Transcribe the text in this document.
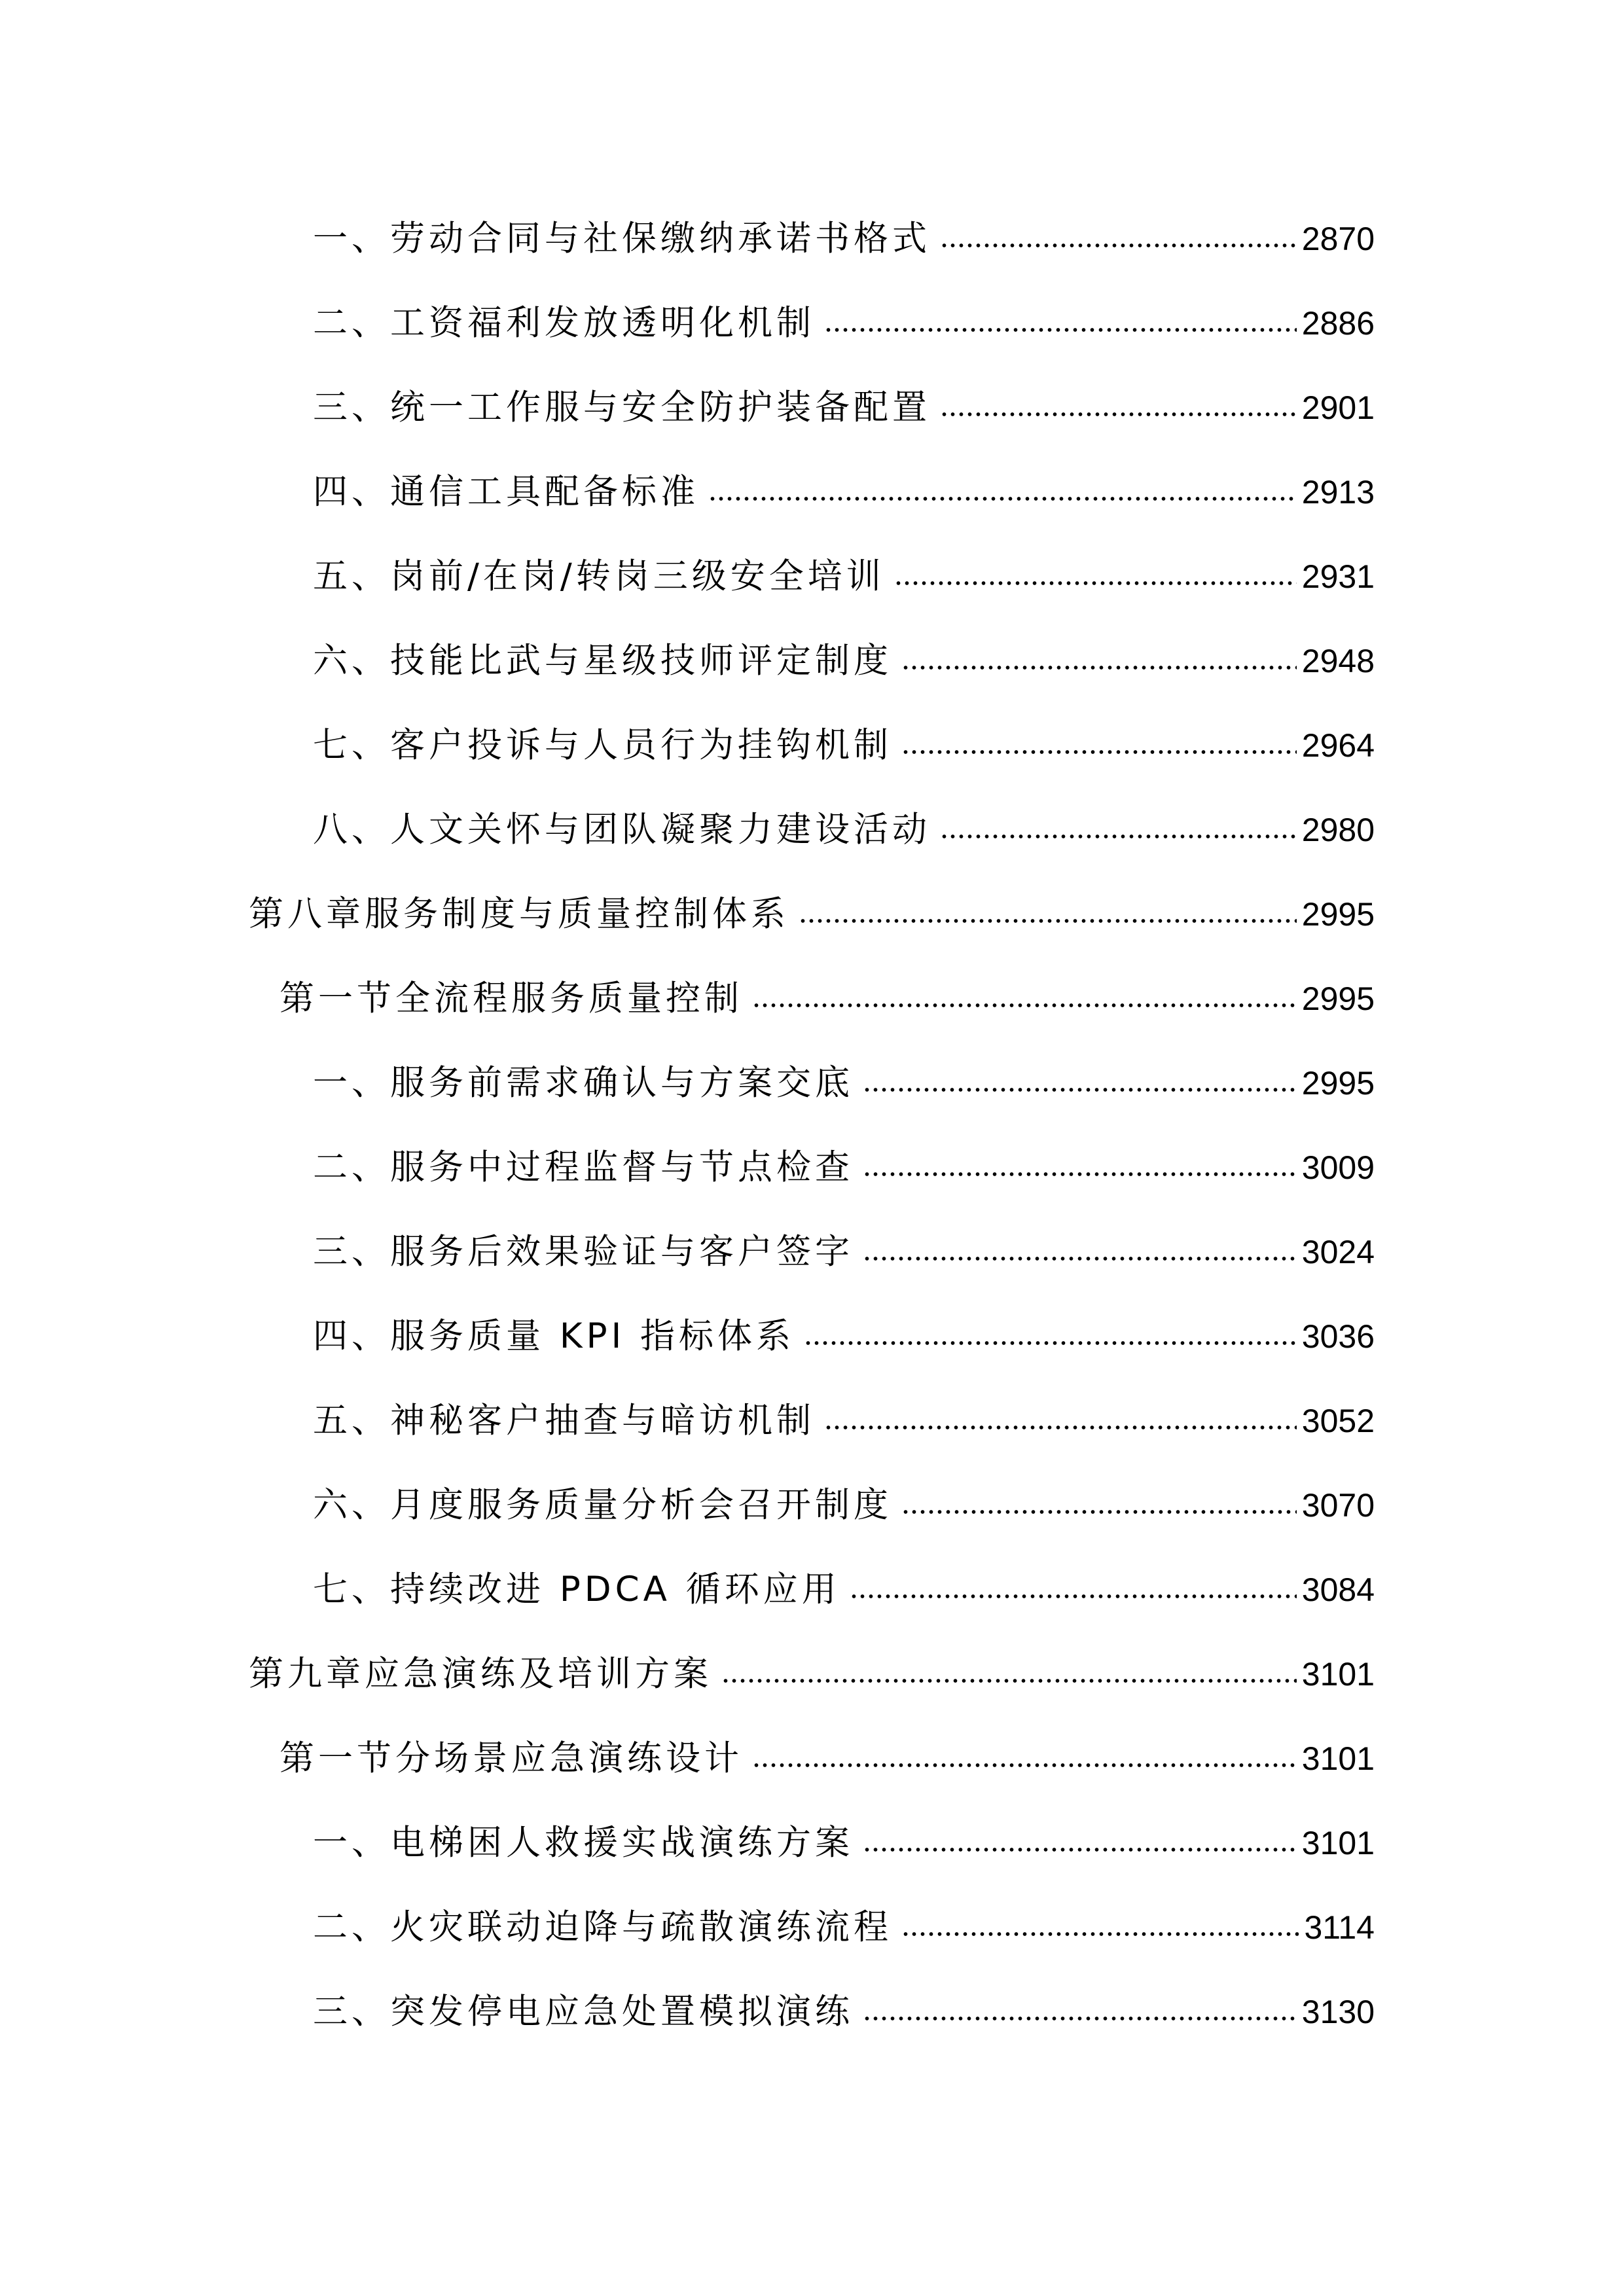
一、劳动合同与社保缴纳承诺书格式	2870

二、工资福利发放透明化机制	2886

三、统一工作服与安全防护装备配置	2901

四、通信工具配备标准	2913

五、岗前/在岗/转岗三级安全培训	2931

六、技能比武与星级技师评定制度	2948

七、客户投诉与人员行为挂钩机制	2964

八、人文关怀与团队凝聚力建设活动	2980

第八章服务制度与质量控制体系	2995

第一节全流程服务质量控制	2995

一、服务前需求确认与方案交底	2995

二、服务中过程监督与节点检查	3009

三、服务后效果验证与客户签字	3024

四、服务质量 KPI 指标体系	3036

五、神秘客户抽查与暗访机制	3052

六、月度服务质量分析会召开制度	3070

七、持续改进 PDCA 循环应用	3084

第九章应急演练及培训方案	3101

第一节分场景应急演练设计	3101

一、电梯困人救援实战演练方案	3101

二、火灾联动迫降与疏散演练流程	3114

三、突发停电应急处置模拟演练	3130
